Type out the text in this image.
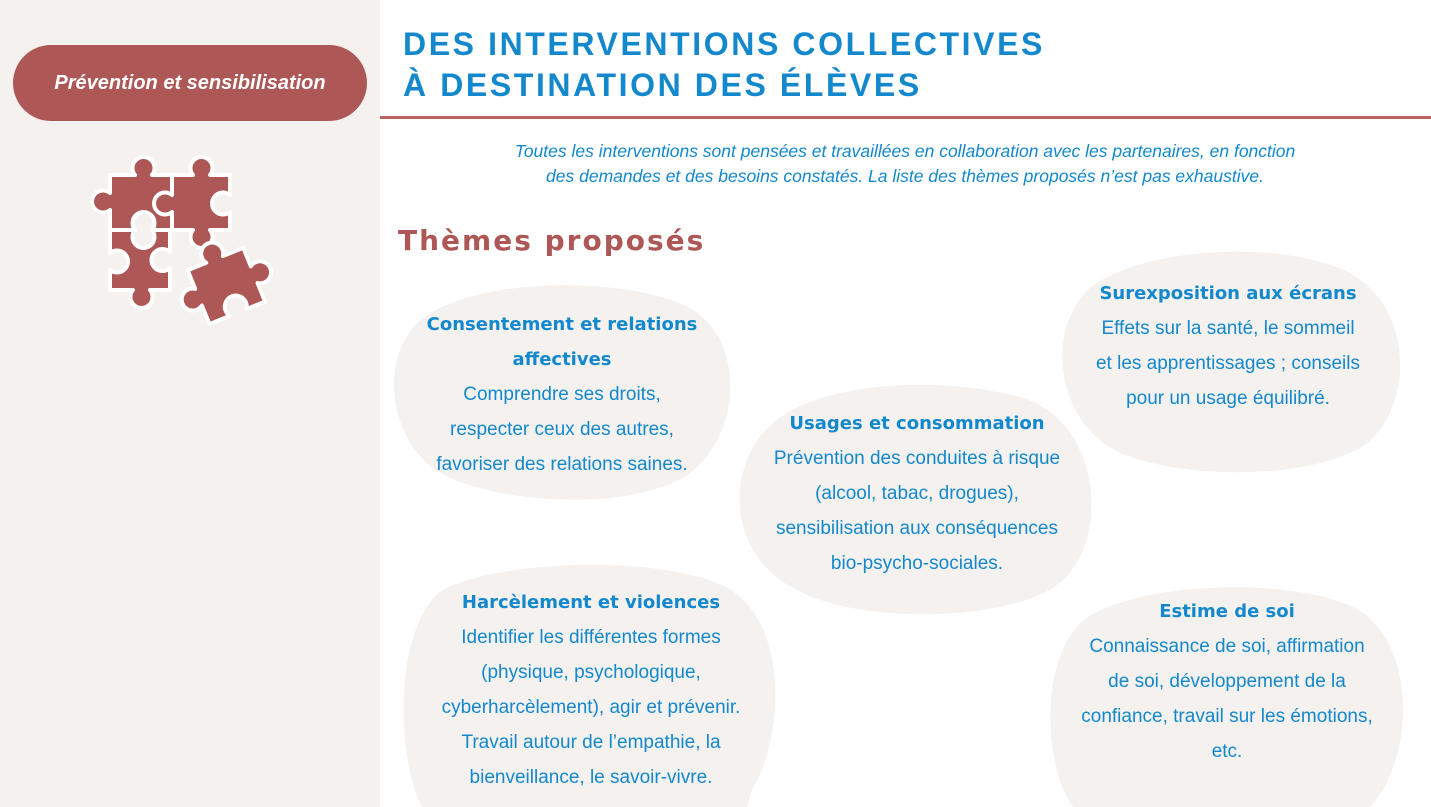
Prévention et sensibilisation
DES INTERVENTIONS COLLECTIVES
À DESTINATION DES ÉLÈVES

Toutes les interventions sont pensées et travaillées en collaboration avec les partenaires, en fonction
des demandes et des besoins constatés. La liste des thèmes proposés n’est pas exhaustive.

Thèmes proposés
Consentement et relations
affectives
Comprendre ses droits,
respecter ceux des autres,
favoriser des relations saines.
Usages et consommation
Prévention des conduites à risque
(alcool, tabac, drogues),
sensibilisation aux conséquences
bio-psycho-sociales.
Surexposition aux écrans
Effets sur la santé, le sommeil
et les apprentissages ; conseils
pour un usage équilibré.
Harcèlement et violences
Identifier les différentes formes
(physique, psychologique,
cyberharcèlement), agir et prévenir.
Travail autour de l’empathie, la
bienveillance, le savoir-vivre.
Estime de soi
Connaissance de soi, affirmation
de soi, développement de la
confiance, travail sur les émotions,
etc.
